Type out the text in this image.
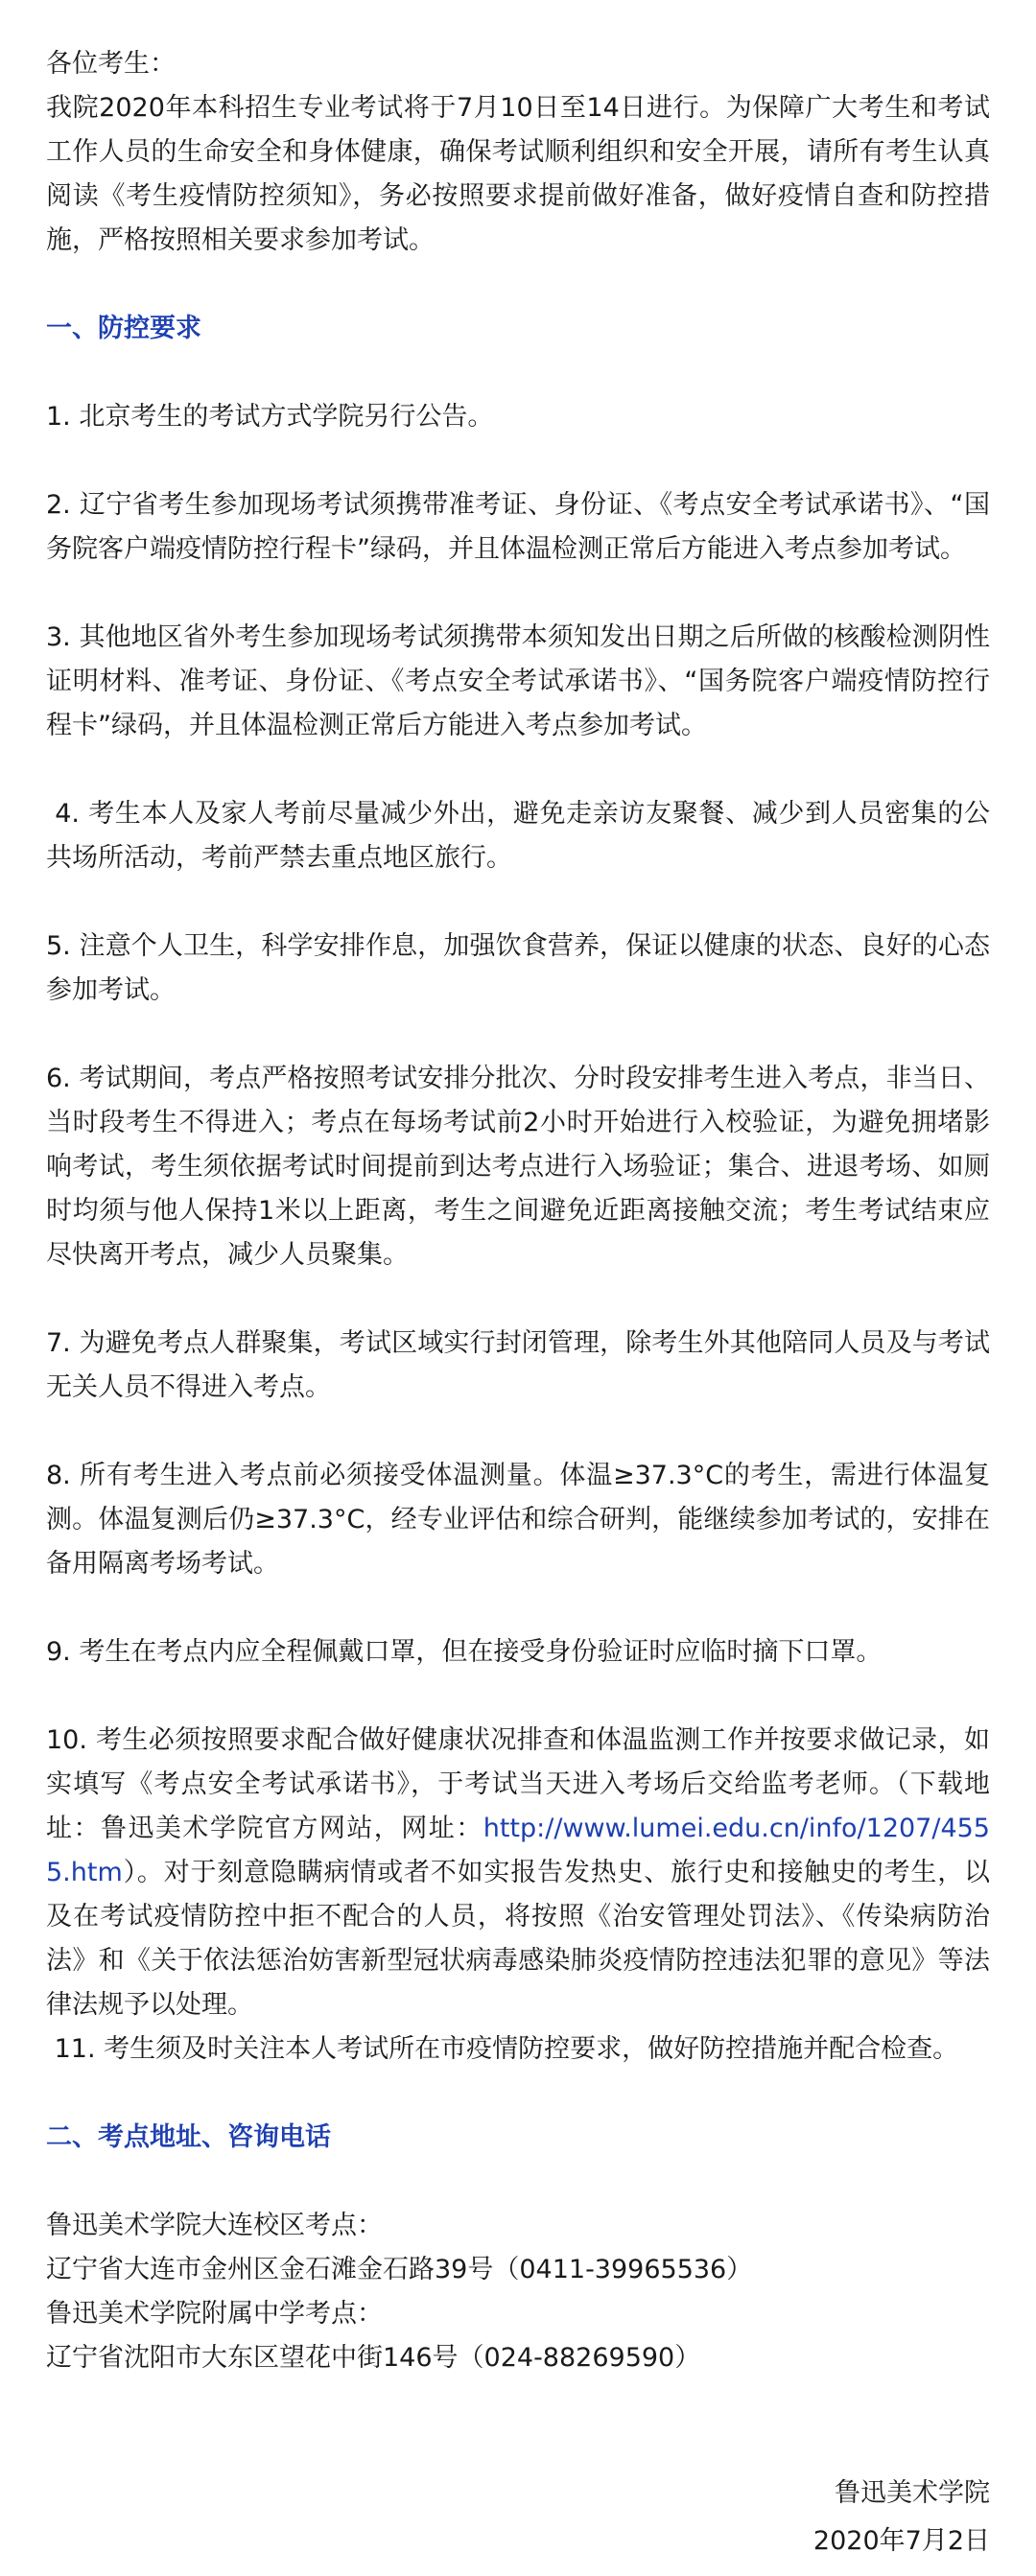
各位考生：

我院2020年本科招生专业考试将于7月10日至14日进行。为保障广大考生和考试工作人员的生命安全和身体健康，确保考试顺利组织和安全开展，请所有考生认真阅读《考生疫情防控须知》，务必按照要求提前做好准备，做好疫情自查和防控措施，严格按照相关要求参加考试。

一、防控要求

1. 北京考生的考试方式学院另行公告。

2. 辽宁省考生参加现场考试须携带准考证、身份证、《考点安全考试承诺书》、“国务院客户端疫情防控行程卡”绿码，并且体温检测正常后方能进入考点参加考试。

3. 其他地区省外考生参加现场考试须携带本须知发出日期之后所做的核酸检测阴性证明材料、准考证、身份证、《考点安全考试承诺书》、“国务院客户端疫情防控行程卡”绿码，并且体温检测正常后方能进入考点参加考试。

4. 考生本人及家人考前尽量减少外出，避免走亲访友聚餐、减少到人员密集的公共场所活动，考前严禁去重点地区旅行。

5. 注意个人卫生，科学安排作息，加强饮食营养，保证以健康的状态、良好的心态参加考试。

6. 考试期间，考点严格按照考试安排分批次、分时段安排考生进入考点，非当日、当时段考生不得进入；考点在每场考试前2小时开始进行入校验证，为避免拥堵影响考试，考生须依据考试时间提前到达考点进行入场验证；集合、进退考场、如厕时均须与他人保持1米以上距离，考生之间避免近距离接触交流；考生考试结束应尽快离开考点，减少人员聚集。

7. 为避免考点人群聚集，考试区域实行封闭管理，除考生外其他陪同人员及与考试无关人员不得进入考点。

8. 所有考生进入考点前必须接受体温测量。体温≥37.3°C的考生，需进行体温复测。体温复测后仍≥37.3°C，经专业评估和综合研判，能继续参加考试的，安排在备用隔离考场考试。

9. 考生在考点内应全程佩戴口罩，但在接受身份验证时应临时摘下口罩。

10. 考生必须按照要求配合做好健康状况排查和体温监测工作并按要求做记录，如实填写《考点安全考试承诺书》，于考试当天进入考场后交给监考老师。（下载地址：鲁迅美术学院官方网站，网址：http://www.lumei.edu.cn/info/1207/4555.htm）。对于刻意隐瞒病情或者不如实报告发热史、旅行史和接触史的考生，以及在考试疫情防控中拒不配合的人员，将按照《治安管理处罚法》、《传染病防治法》和《关于依法惩治妨害新型冠状病毒感染肺炎疫情防控违法犯罪的意见》等法律法规予以处理。

11. 考生须及时关注本人考试所在市疫情防控要求，做好防控措施并配合检查。

二、考点地址、咨询电话

鲁迅美术学院大连校区考点：

辽宁省大连市金州区金石滩金石路39号（0411-39965536）

鲁迅美术学院附属中学考点：

辽宁省沈阳市大东区望花中街146号（024-88269590）

鲁迅美术学院
2020年7月2日
